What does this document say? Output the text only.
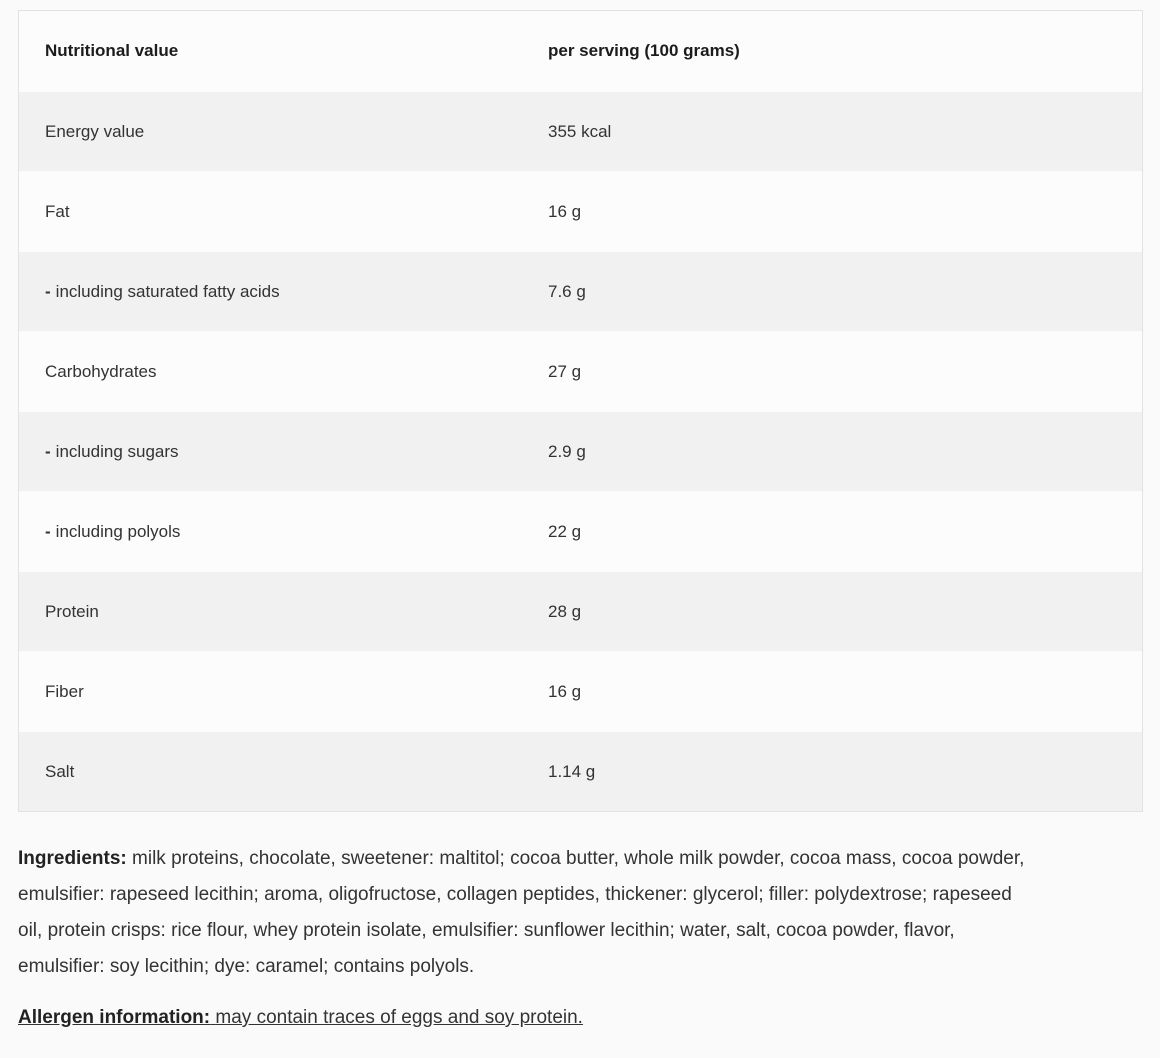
Nutritional value	per serving (100 grams)
Energy value	355 kcal
Fat	16 g
- including saturated fatty acids	7.6 g
Carbohydrates	27 g
- including sugars	2.9 g
- including polyols	22 g
Protein	28 g
Fiber	16 g
Salt	1.14 g

Ingredients: milk proteins, chocolate, sweetener: maltitol; cocoa butter, whole milk powder, cocoa mass, cocoa powder,
emulsifier: rapeseed lecithin; aroma, oligofructose, collagen peptides, thickener: glycerol; filler: polydextrose; rapeseed
oil, protein crisps: rice flour, whey protein isolate, emulsifier: sunflower lecithin; water, salt, cocoa powder, flavor,
emulsifier: soy lecithin; dye: caramel; contains polyols.

Allergen information: may contain traces of eggs and soy protein.
